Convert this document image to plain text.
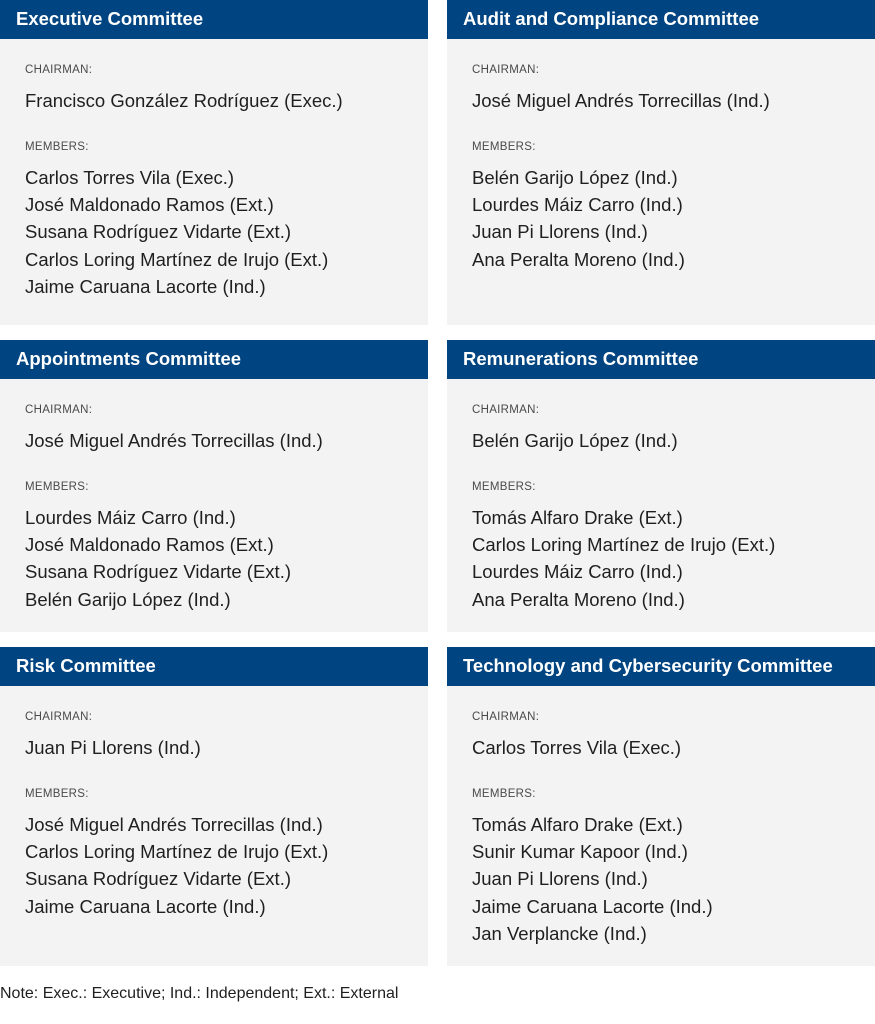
Executive Committee
CHAIRMAN:
Francisco González Rodríguez (Exec.)
MEMBERS:
Carlos Torres Vila (Exec.)
José Maldonado Ramos (Ext.)
Susana Rodríguez Vidarte (Ext.)
Carlos Loring Martínez de Irujo (Ext.)
Jaime Caruana Lacorte (Ind.)
Audit and Compliance Committee
CHAIRMAN:
José Miguel Andrés Torrecillas (Ind.)
MEMBERS:
Belén Garijo López (Ind.)
Lourdes Máiz Carro (Ind.)
Juan Pi Llorens (Ind.)
Ana Peralta Moreno (Ind.)
Appointments Committee
CHAIRMAN:
José Miguel Andrés Torrecillas (Ind.)
MEMBERS:
Lourdes Máiz Carro (Ind.)
José Maldonado Ramos (Ext.)
Susana Rodríguez Vidarte (Ext.)
Belén Garijo López (Ind.)
Remunerations Committee
CHAIRMAN:
Belén Garijo López (Ind.)
MEMBERS:
Tomás Alfaro Drake (Ext.)
Carlos Loring Martínez de Irujo (Ext.)
Lourdes Máiz Carro (Ind.)
Ana Peralta Moreno (Ind.)
Risk Committee
CHAIRMAN:
Juan Pi Llorens (Ind.)
MEMBERS:
José Miguel Andrés Torrecillas (Ind.)
Carlos Loring Martínez de Irujo (Ext.)
Susana Rodríguez Vidarte (Ext.)
Jaime Caruana Lacorte (Ind.)
Technology and Cybersecurity Committee
CHAIRMAN:
Carlos Torres Vila (Exec.)
MEMBERS:
Tomás Alfaro Drake (Ext.)
Sunir Kumar Kapoor (Ind.)
Juan Pi Llorens (Ind.)
Jaime Caruana Lacorte (Ind.)
Jan Verplancke (Ind.)
Note: Exec.: Executive; Ind.: Independent; Ext.: External
